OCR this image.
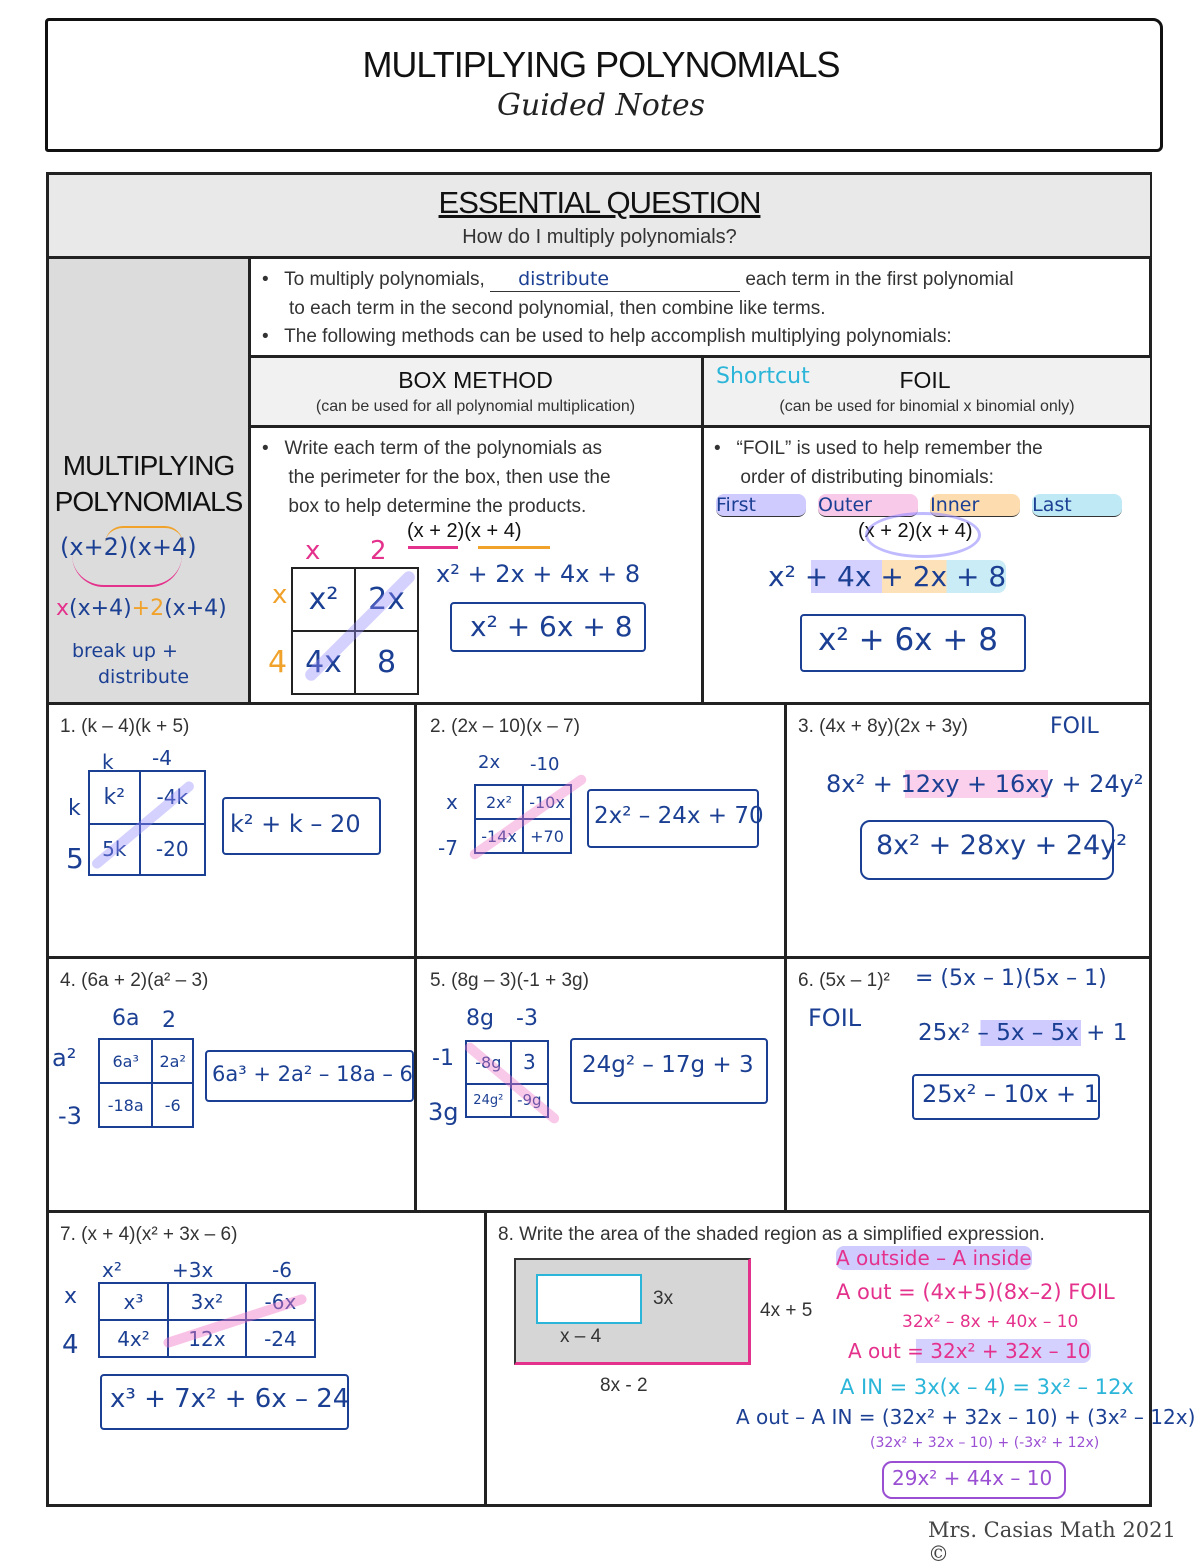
MULTIPLYING POLYNOMIALS
Guided Notes
ESSENTIAL QUESTION
How do I multiply polynomials?
MULTIPLYING
POLYNOMIALS
(x+2)(x+4)
x(x+4)+2(x+4)
break up +
distribute
•   To multiply polynomials, distribute	each term in the first polynomial
to each term in the second polynomial, then combine like terms.
•   The following methods can be used to help accomplish multiplying polynomials:
BOX METHOD
(can be used for all polynomial multiplication)
Shortcut	FOIL
(can be used for binomial x binomial only)
•   Write each term of the polynomials as
the perimeter for the box, then use the
box to help determine the products.
(x + 2)(x + 4)
x 2
x
4
x²	2x
4x	8
x² + 2x + 4x + 8
x² + 6x + 8
•   “FOIL” is used to help remember the
order of distributing binomials:
First	Outer	Inner	Last
(x + 2)(x + 4)
x² + 4x + 2x + 8
x² + 6x + 8
1. (k – 4)(k + 5)
k -4
k
5
k²	-4k
5k	-20
k² + k – 20
2. (2x – 10)(x – 7)
2x -10
x
-7
2x²	-10x
-14x	+70
2x² – 24x + 70
3. (4x + 8y)(2x + 3y)	FOIL
8x² + 12xy + 16xy + 24y²
8x² + 28xy + 24y²
4. (6a + 2)(a² – 3)
6a 2
a²
-3
6a³	2a²
-18a	-6
6a³ + 2a² – 18a – 6
5. (8g – 3)(-1 + 3g)
8g -3
-1
3g
-8g	3
24g²	-9g
24g² – 17g + 3
6. (5x – 1)² = (5x – 1)(5x – 1)
FOIL
25x² – 5x – 5x + 1
25x² – 10x + 1
7. (x + 4)(x² + 3x – 6)
x²	+3x	-6
x
4
x³	3x²	-6x
4x²	12x	-24
x³ + 7x² + 6x – 24
8. Write the area of the shaded region as a simplified expression.
3x
x – 4
4x + 5
8x - 2
A outside – A inside
A out = (4x+5)(8x–2) FOIL
32x² – 8x + 40x – 10
A out = 32x² + 32x – 10
A IN = 3x(x – 4) = 3x² – 12x
A out – A IN = (32x² + 32x – 10) + (3x² – 12x)
(32x² + 32x – 10) + (-3x² + 12x)
29x² + 44x – 10
Mrs. Casias Math 2021 ©
